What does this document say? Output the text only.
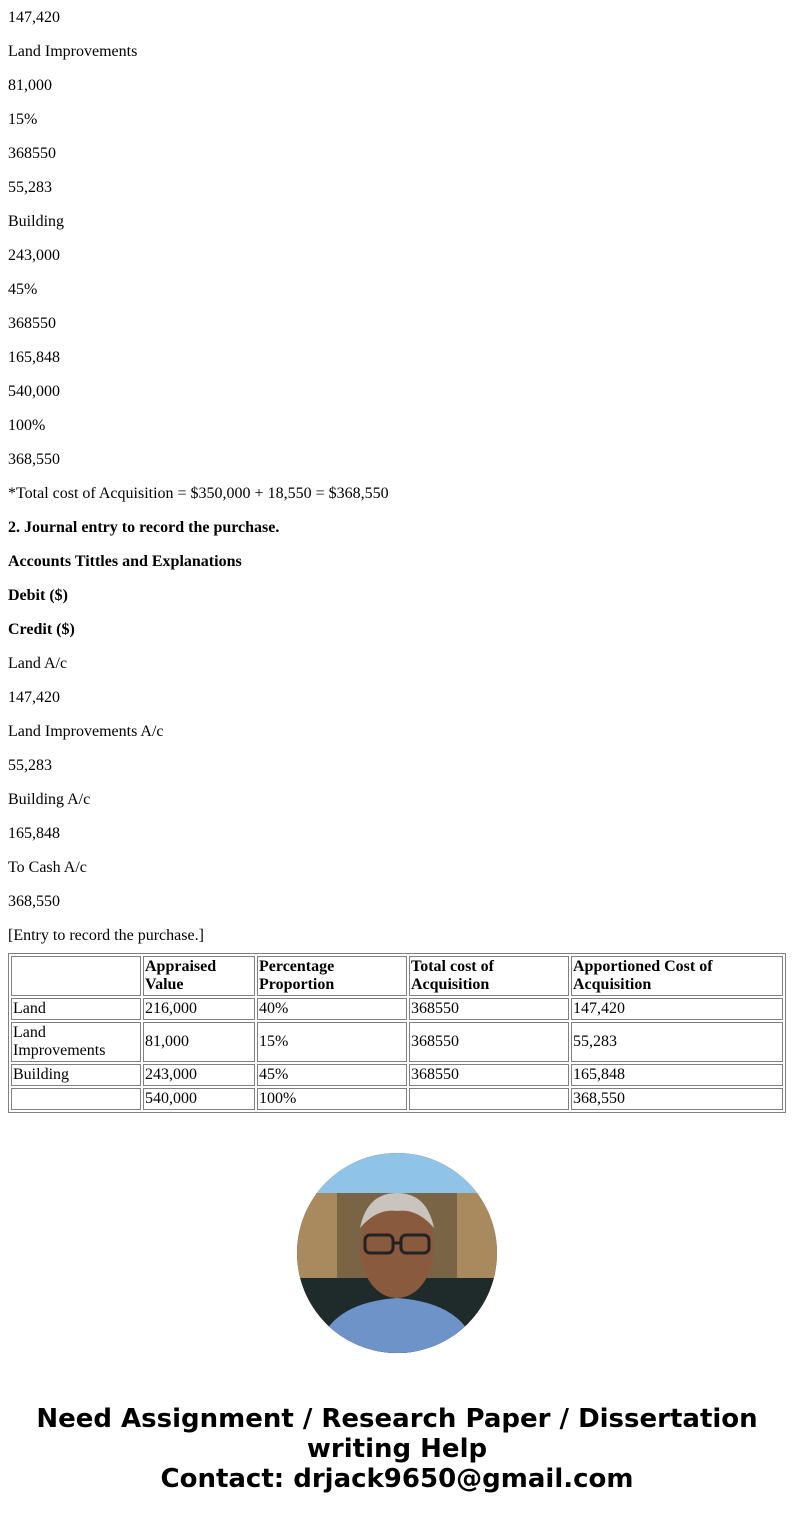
147,420

Land Improvements

81,000

15%

368550

55,283

Building

243,000

45%

368550

165,848

540,000

100%

368,550

*Total cost of Acquisition = $350,000 + 18,550 = $368,550

2. Journal entry to record the purchase.

Accounts Tittles and Explanations

Debit ($)

Credit ($)

Land A/c

147,420

Land Improvements A/c

55,283

Building A/c

165,848

To Cash A/c

368,550

[Entry to record the purchase.]

	Appraised Value	Percentage Proportion	Total cost of Acquisition	Apportioned Cost of Acquisition
Land	216,000	40%	368550	147,420
Land Improvements	81,000	15%	368550	55,283
Building	243,000	45%	368550	165,848
	540,000	100%		368,550
Need Assignment / Research Paper / Dissertation writing Help
Contact: drjack9650@gmail.com
